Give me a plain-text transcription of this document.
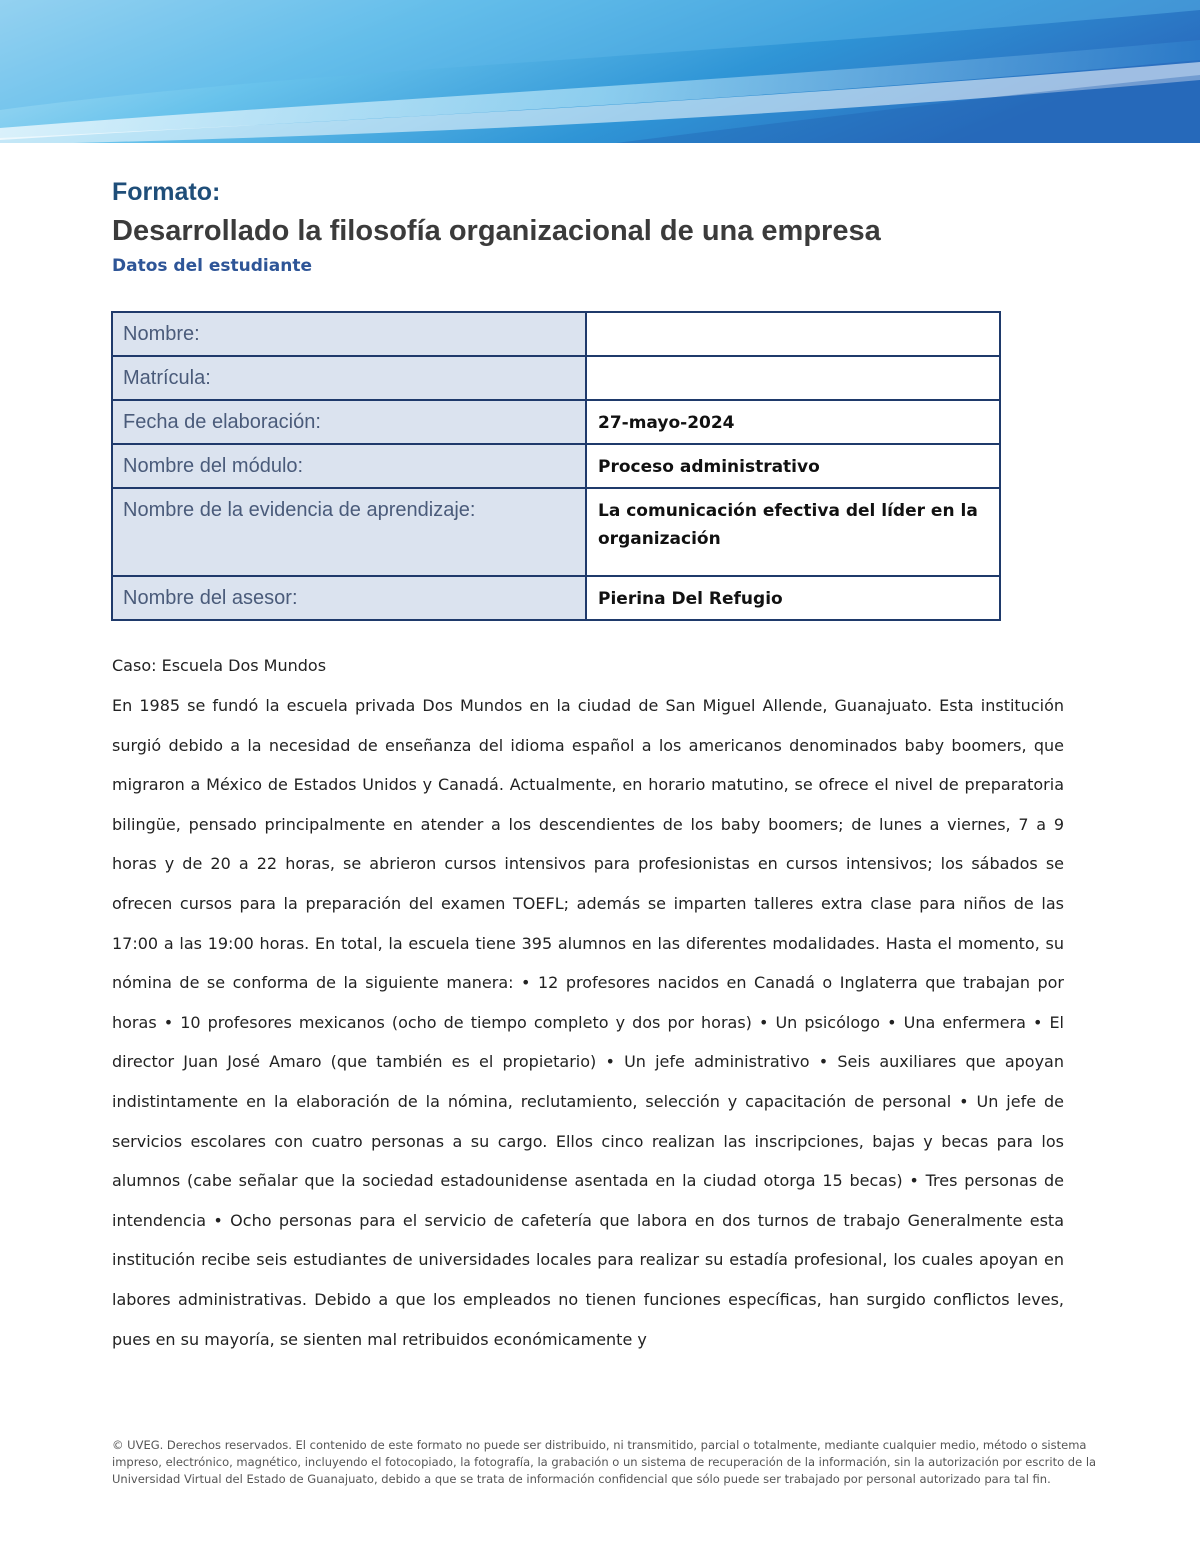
Formato:
Desarrollado la filosofía organizacional de una empresa
Datos del estudiante
Nombre:	
Matrícula:	
Fecha de elaboración:	27-mayo-2024
Nombre del módulo:	Proceso administrativo
Nombre de la evidencia de aprendizaje:	La comunicación efectiva del líder en la organización
Nombre del asesor:	Pierina Del Refugio

Caso: Escuela Dos Mundos

En 1985 se fundó la escuela privada Dos Mundos en la ciudad de San Miguel Allende, Guanajuato. Esta institución surgió debido a la necesidad de enseñanza del idioma español a los americanos denominados baby boomers, que migraron a México de Estados Unidos y Canadá. Actualmente, en horario matutino, se ofrece el nivel de preparatoria bilingüe, pensado principalmente en atender a los descendientes de los baby boomers; de lunes a viernes, 7 a 9 horas y de 20 a 22 horas, se abrieron cursos intensivos para profesionistas en cursos intensivos; los sábados se ofrecen cursos para la preparación del examen TOEFL; además se imparten talleres extra clase para niños de las 17:00 a las 19:00 horas. En total, la escuela tiene 395 alumnos en las diferentes modalidades. Hasta el momento, su nómina de se conforma de la siguiente manera: • 12 profesores nacidos en Canadá o Inglaterra que trabajan por horas • 10 profesores mexicanos (ocho de tiempo completo y dos por horas) • Un psicólogo • Una enfermera • El director Juan José Amaro (que también es el propietario) • Un jefe administrativo • Seis auxiliares que apoyan indistintamente en la elaboración de la nómina, reclutamiento, selección y capacitación de personal • Un jefe de servicios escolares con cuatro personas a su cargo. Ellos cinco realizan las inscripciones, bajas y becas para los alumnos (cabe señalar que la sociedad estadounidense asentada en la ciudad otorga 15 becas) • Tres personas de intendencia • Ocho personas para el servicio de cafetería que labora en dos turnos de trabajo Generalmente esta institución recibe seis estudiantes de universidades locales para realizar su estadía profesional, los cuales apoyan en labores administrativas. Debido a que los empleados no tienen funciones específicas, han surgido conflictos leves, pues en su mayoría, se sienten mal retribuidos económicamente y

© UVEG. Derechos reservados. El contenido de este formato no puede ser distribuido, ni transmitido, parcial o totalmente, mediante cualquier medio, método o sistema impreso, electrónico, magnético, incluyendo el fotocopiado, la fotografía, la grabación o un sistema de recuperación de la información, sin la autorización por escrito de la Universidad Virtual del Estado de Guanajuato, debido a que se trata de información confidencial que sólo puede ser trabajado por personal autorizado para tal fin.
